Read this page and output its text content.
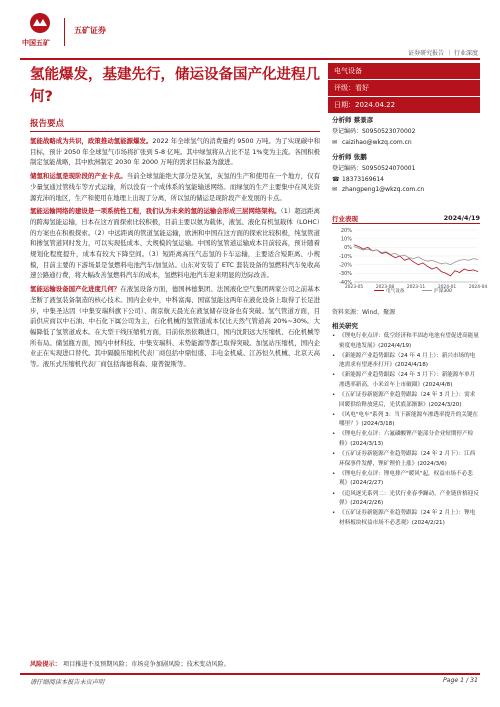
中国五矿
五矿证券
证券研究报告 ｜ 行业深度
氢能爆发，基建先行，储运设备国产化进程几何?
电气设备
评级：看好
日期：2024.04.22
报告要点

氢能战略成为共识，政策推动氢能源爆发。2022 年全球氢气的消费量约 9500 万吨。为了实现碳中和目标，预计 2050 年全球氢气市场将扩张到 5-8 亿吨。其中绿氢将从占比不足 1%变为主流。各国积极制定氢能战略，其中欧洲制定 2030 年 2000 万吨的需求目标最为激进。

储氢和运氢是现阶段的产业卡点。当前全球氢能绝大部分是灰氢，灰氢的生产和使用在一个地方，仅有少量氢通过管线车等方式运输，所以没有一个成体系的氢能输送网络。而绿氢的生产主要集中在风光资源充沛的地区，生产和使用在地理上出现了分离，所以氢的储运是现阶段产业发展的卡点。

氢能运输网络的建设是一项系统性工程，我们认为未来的氢的运输会形成三层网络架构。（1）超远距离的跨海氢能运输，日本在这方面探索比较积极，目前主要以氨为载体，液氢、液化有机氢载体（LOHC）的方案也在积极探索。（2）中远距离的管道氢能运输，欧洲和中国在这方面的探索比较积极，纯氢管道和掺氢管道同时发力，可以实现低成本、大规模的氢运输。中国的氢管道运输成本目前较高，预计随着规划化程度提升，成本有较大下降空间。（3）短距离高压气态氢的卡车运输，主要适合短距离、小规模，目前主要的下游场景是氢燃料电池汽车/加氢站。山东对安装了 ETC 套装设备的氢燃料汽车免收高速公路通行费，将大幅改善氢燃料汽车的成本，氢燃料电池汽车迎来明显的边际改善。

氢能运输设备国产化进度几何？在液氢设备方面，德国林德集团、法国液化空气集团两家公司之前基本垄断了液氢装备制造的核心技术。国内企业中，中科富海、国富氢能这两年在液化设备上取得了长足进步，中集圣达因（中集安瑞科旗下公司）、南京航天晨光在液氢储存设备也有突破。氢气管道方面，目前供应商以中石油、中石化下属公司为主，石化机械的氢管道成本仅比天然气管道高 20%~30%。大幅降低了氢管道成本。在大型干线压缩机方面，目前依然依赖进口，国内沈阳远大压缩机、石化机械等所布局。储氢瓶方面，国内中材科技、中集安瑞科、未势能源等都已取得突破。加氢站压缩机，国内企业正在实现进口替代。其中隔膜压缩机代表厂商包括中鼎恒盛、丰电金机威、江苏恒久机械、北京天高等。液压式压缩机代表厂商包括海德利森、康普锐斯等。

分析师 蔡景彦
登记编码：S0950523070002
✉ caizihao@wkzq.com.cn
分析师 张鹏
登记编码：S0950524070001
☎ 18373169614
✉ zhangpeng1@wkzq.com.cn
行业表现	2024/4/19
20%
10%
0%
-10%
-20%
-30%
-40%
2023-05	2023-08	2023-11	2024-01	2024-04
电气设备	沪深300
资料来源：Wind，聚源
相关研究
• 《锂电行业点评：低空经济和半固态电池有望促进高能量密度电池发展》(2024/4/19)
• 《新能源产业趋势跟踪（24 年 4 月上）：新兴市场的电池需求有望逐步打开》(2024/4/18)
• 《新能源产业趋势跟踪（24 年 3 月下）：新能源车单月渗透率新高，小米首车上市破圈》(2024/4/8)
• 《五矿证券新能源产业趋势跟踪（24 年 3 月上）：需求回暖供给释放延后，光伏底部渐渐》(2024/3/20)
• 《风电"电车"系列 3：当下新能源车渗透率提升的关键在哪里？》(2024/3/18)
• 《锂电行业点评：六氟磷酸锂产能部分企业短期停产检修》(2024/3/13)
• 《五矿证券新能源产业趋势跟踪（24 年 2 月下）：江西环保事件发酵，锂矿锂价上涨》(2024/3/6)
• 《锂电行业点评：锂电排产"暖风"起，权益市场不必悲观》(2024/2/27)
• 《追风逐光系列二：光伏行业春季躁动，产业链价格迎反弹》(2024/2/26)
• 《五矿证券新能源产业趋势跟踪（24 年 2 月上）：锂电材料板块权益市场不必悲观》(2024/2/21)
风险提示： 项目推进不及预期风险；市场竞争加剧风险；技术变动风险。
请仔细阅读本报告末页声明	Page 1 / 31
